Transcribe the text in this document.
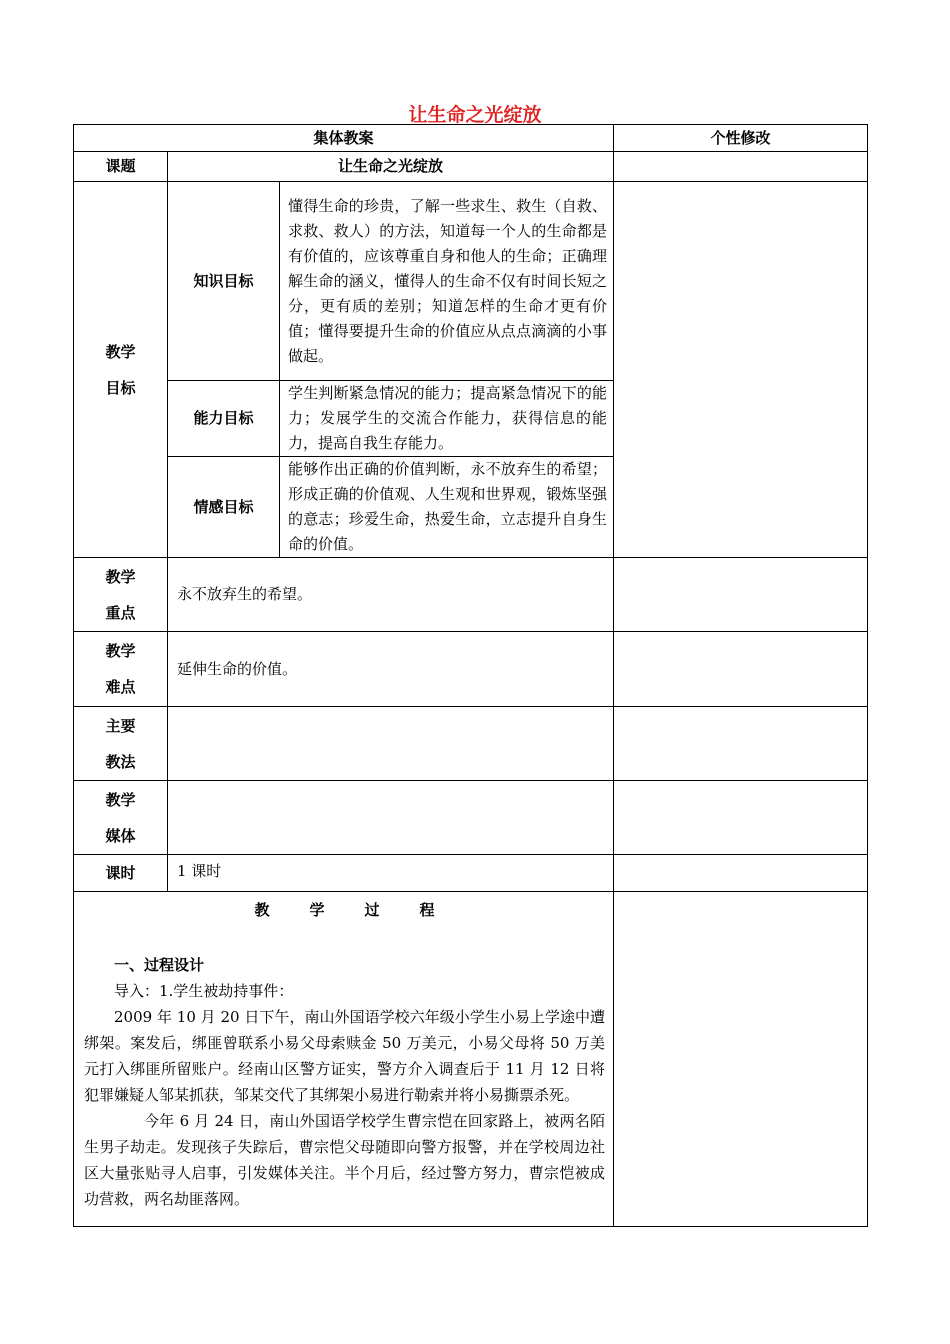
让生命之光绽放
集体教案			个性修改
课题	让生命之光绽放		

教学
目标	知识目标	懂得生命的珍贵，了解一些求生、救生（自救、求救、救人）的方法，知道每一个人的生命都是有价值的，应该尊重自身和他人的生命；正确理解生命的涵义，懂得人的生命不仅有时间长短之分，更有质的差别；知道怎样的生命才更有价值；懂得要提升生命的价值应从点点滴滴的小事做起。	
	能力目标	学生判断紧急情况的能力；提高紧急情况下的能力；发展学生的交流合作能力，获得信息的能力，提高自我生存能力。	
	情感目标	能够作出正确的价值判断，永不放弃生的希望；形成正确的价值观、人生观和世界观，锻炼坚强的意志；珍爱生命，热爱生命，立志提升自身生命的价值。	

教学
重点	永不放弃生的希望。		

教学
难点	延伸生命的价值。		

主要
教法			

教学
媒体			

课时	1 课时		

教 学 过 程
一、过程设计

导入：1.学生被劫持事件：

2009 年 10 月 20 日下午，南山外国语学校六年级小学生小易上学途中遭绑架。案发后，绑匪曾联系小易父母索赎金 50 万美元，小易父母将 50 万美元打入绑匪所留账户。经南山区警方证实，警方介入调查后于 11 月 12 日将犯罪嫌疑人邹某抓获，邹某交代了其绑架小易进行勒索并将小易撕票杀死。

今年 6 月 24 日，南山外国语学校学生曹宗恺在回家路上，被两名陌生男子劫走。发现孩子失踪后，曹宗恺父母随即向警方报警，并在学校周边社区大量张贴寻人启事，引发媒体关注。半个月后，经过警方努力，曹宗恺被成功营救，两名劫匪落网。			
